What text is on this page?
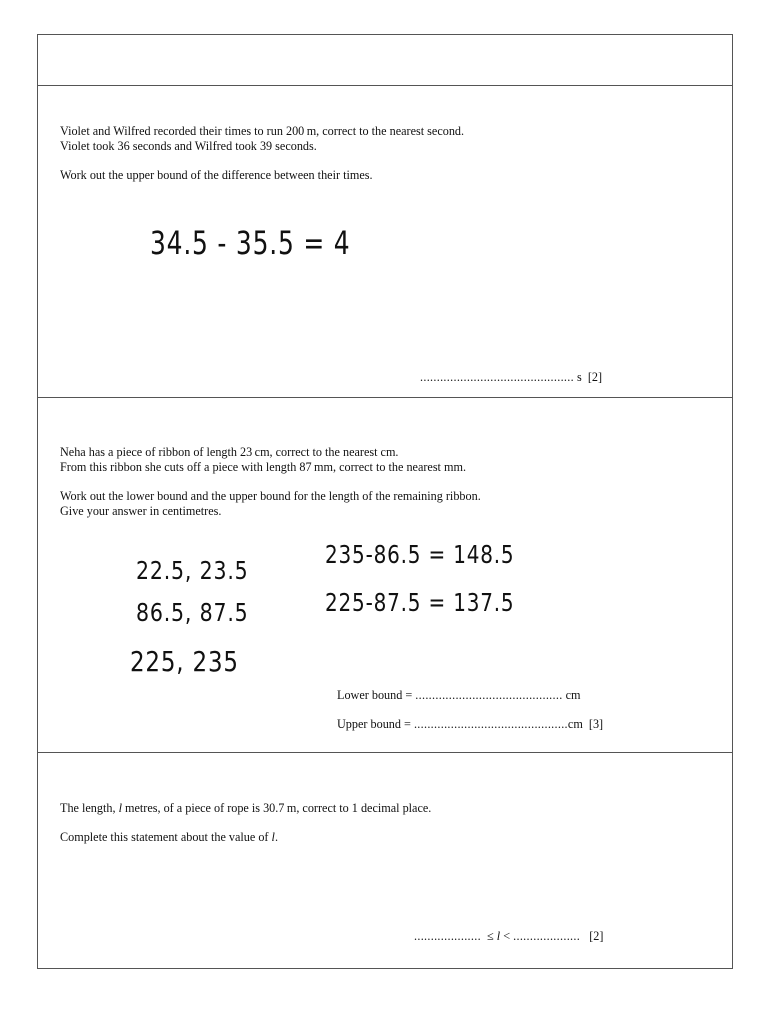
Violet and Wilfred recorded their times to run 200 m, correct to the nearest second.

Violet took 36 seconds and Wilfred took 39 seconds.

Work out the upper bound of the difference between their times.

34.5 - 35.5 = 4
.............................................. s [2]

Neha has a piece of ribbon of length 23 cm, correct to the nearest cm.

From this ribbon she cuts off a piece with length 87 mm, correct to the nearest mm.

Work out the lower bound and the upper bound for the length of the remaining ribbon.

Give your answer in centimetres.

22.5, 23.5
86.5, 87.5
225, 235
235-86.5 = 148.5
225-87.5 = 137.5
Lower bound = ............................................ cm
Upper bound = ..............................................cm [3]

The length, l metres, of a piece of rope is 30.7 m, correct to 1 decimal place.

Complete this statement about the value of l.

.................... ≤ l < .................... [2]
